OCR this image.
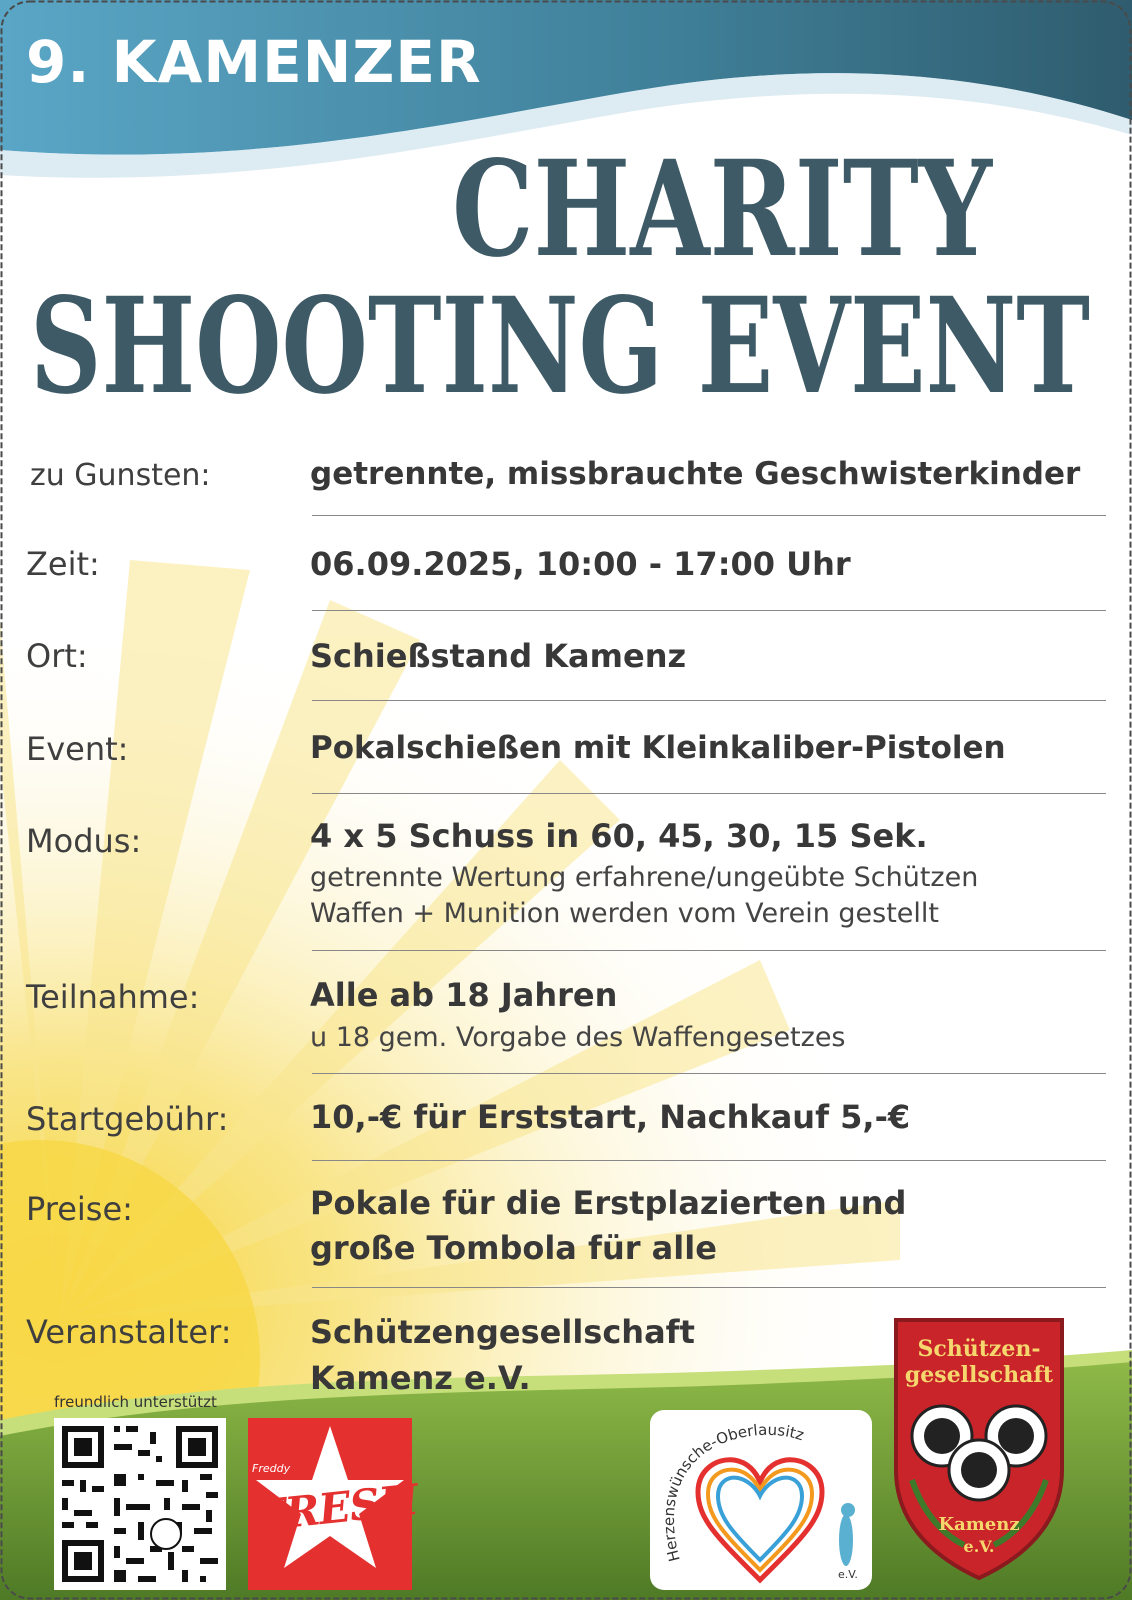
9. KAMENZER
CHARITY
SHOOTING EVENT

zu Gunsten:	getrennte, missbrauchte Geschwisterkinder

Zeit:	06.09.2025, 10:00 - 17:00 Uhr

Ort:	Schießstand Kamenz

Event:	Pokalschießen mit Kleinkaliber-Pistolen

Modus:	4 x 5 Schuss in 60, 45, 30, 15 Sek.

getrennte Wertung erfahrene/ungeübte Schützen

Waffen + Munition werden vom Verein gestellt

Teilnahme:	Alle ab 18 Jahren

u 18 gem. Vorgabe des Waffengesetzes

Startgebühr:	10,-€ für Erststart, Nachkauf 5,-€

Preise:	Pokale für die Erstplazierten und

große Tombola für alle

Veranstalter: Schützengesellschaft

Kamenz e.V.

freundlich unterstützt

Freddy
FRESH
PIZZA	Herzenswünsche-Oberlausitz
e.V.
Schützen-
gesellschaft
Kamenz
e.V.
